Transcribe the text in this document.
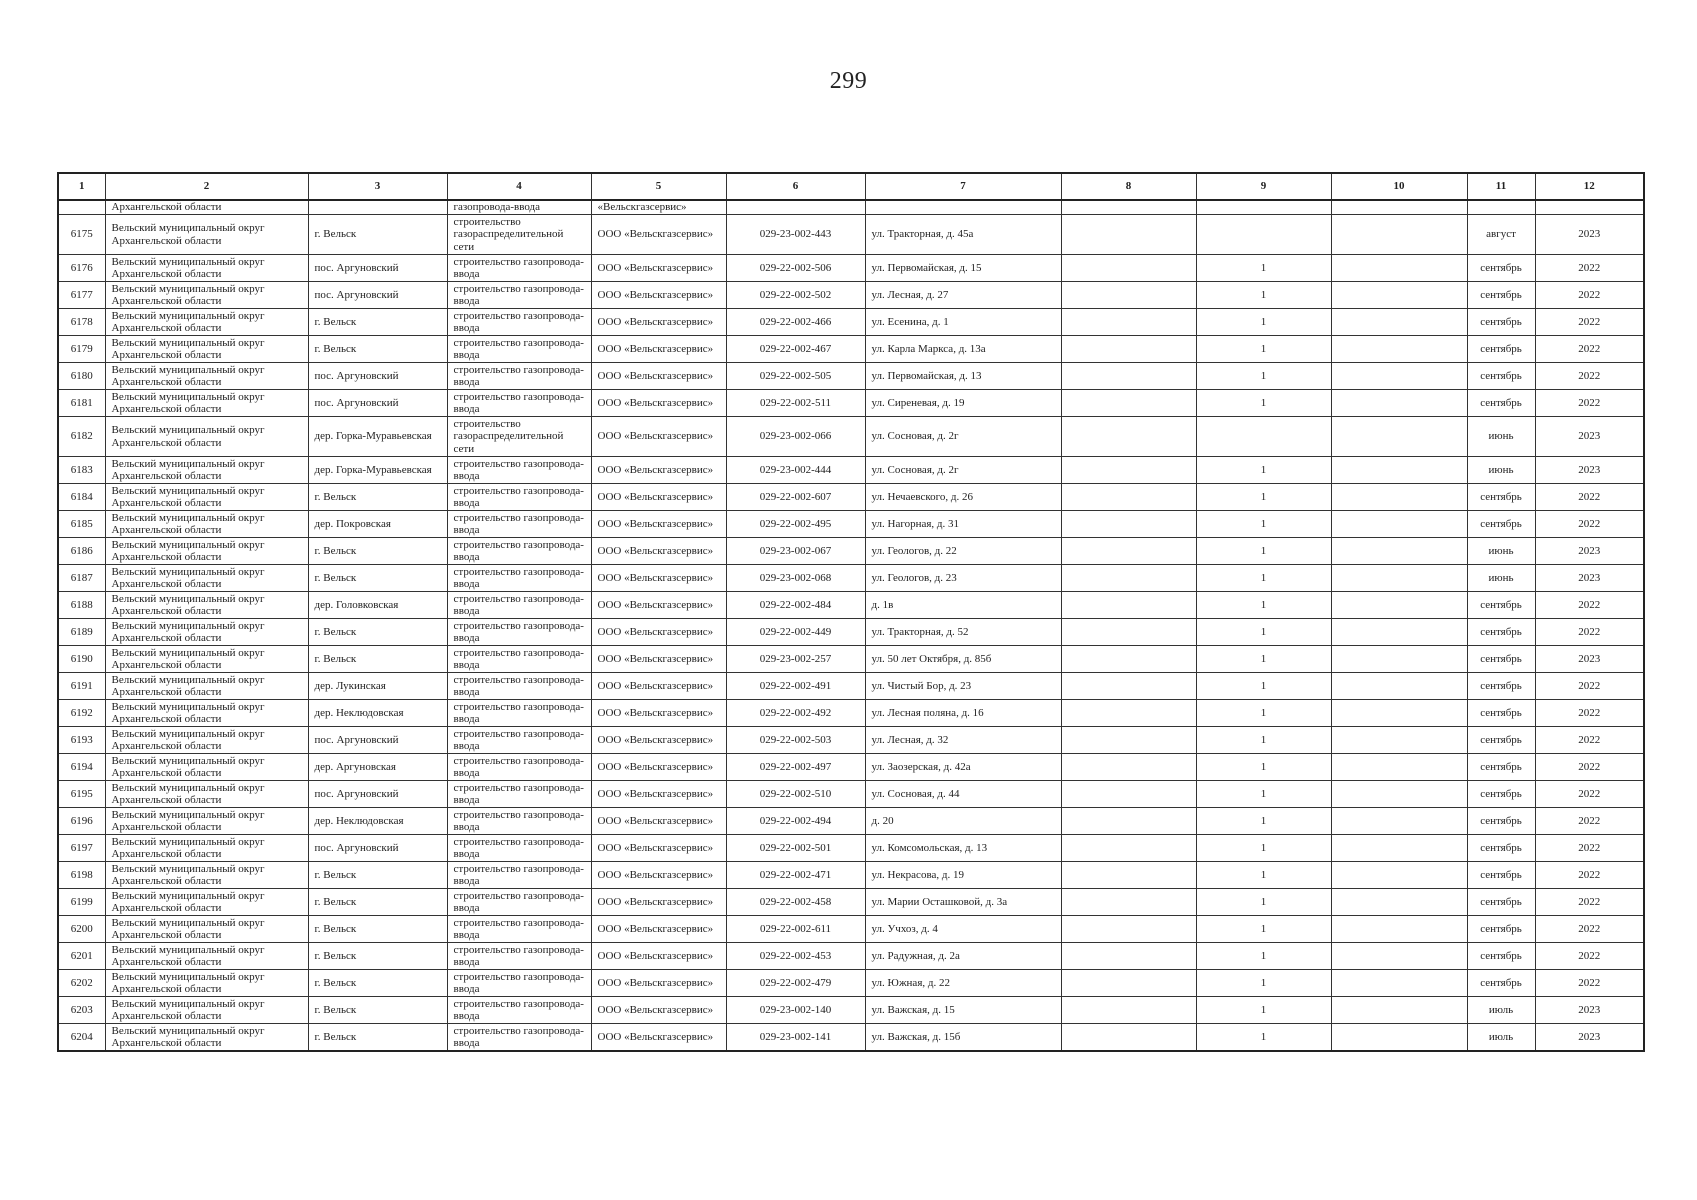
299
1	2	3	4	5	6	7	8	9	10	11	12
	Архангельской области		газопровода-ввода	«Вельскгазсервис»							
6175	Вельский муниципальный округ Архангельской области	г. Вельск	строительство газораспределительной сети	ООО «Вельскгазсервис»	029-23-002-443	ул. Тракторная, д. 45а				август	2023
6176	Вельский муниципальный округ Архангельской области	пос. Аргуновский	строительство газопровода-ввода	ООО «Вельскгазсервис»	029-22-002-506	ул. Первомайская, д. 15		1		сентябрь	2022
6177	Вельский муниципальный округ Архангельской области	пос. Аргуновский	строительство газопровода-ввода	ООО «Вельскгазсервис»	029-22-002-502	ул. Лесная, д. 27		1		сентябрь	2022
6178	Вельский муниципальный округ Архангельской области	г. Вельск	строительство газопровода-ввода	ООО «Вельскгазсервис»	029-22-002-466	ул. Есенина, д. 1		1		сентябрь	2022
6179	Вельский муниципальный округ Архангельской области	г. Вельск	строительство газопровода-ввода	ООО «Вельскгазсервис»	029-22-002-467	ул. Карла Маркса, д. 13а		1		сентябрь	2022
6180	Вельский муниципальный округ Архангельской области	пос. Аргуновский	строительство газопровода-ввода	ООО «Вельскгазсервис»	029-22-002-505	ул. Первомайская, д. 13		1		сентябрь	2022
6181	Вельский муниципальный округ Архангельской области	пос. Аргуновский	строительство газопровода-ввода	ООО «Вельскгазсервис»	029-22-002-511	ул. Сиреневая, д. 19		1		сентябрь	2022
6182	Вельский муниципальный округ Архангельской области	дер. Горка-Муравьевская	строительство газораспределительной сети	ООО «Вельскгазсервис»	029-23-002-066	ул. Сосновая, д. 2г				июнь	2023
6183	Вельский муниципальный округ Архангельской области	дер. Горка-Муравьевская	строительство газопровода-ввода	ООО «Вельскгазсервис»	029-23-002-444	ул. Сосновая, д. 2г		1		июнь	2023
6184	Вельский муниципальный округ Архангельской области	г. Вельск	строительство газопровода-ввода	ООО «Вельскгазсервис»	029-22-002-607	ул. Нечаевского, д. 26		1		сентябрь	2022
6185	Вельский муниципальный округ Архангельской области	дер. Покровская	строительство газопровода-ввода	ООО «Вельскгазсервис»	029-22-002-495	ул. Нагорная, д. 31		1		сентябрь	2022
6186	Вельский муниципальный округ Архангельской области	г. Вельск	строительство газопровода-ввода	ООО «Вельскгазсервис»	029-23-002-067	ул. Геологов, д. 22		1		июнь	2023
6187	Вельский муниципальный округ Архангельской области	г. Вельск	строительство газопровода-ввода	ООО «Вельскгазсервис»	029-23-002-068	ул. Геологов, д. 23		1		июнь	2023
6188	Вельский муниципальный округ Архангельской области	дер. Головковская	строительство газопровода-ввода	ООО «Вельскгазсервис»	029-22-002-484	д. 1в		1		сентябрь	2022
6189	Вельский муниципальный округ Архангельской области	г. Вельск	строительство газопровода-ввода	ООО «Вельскгазсервис»	029-22-002-449	ул. Тракторная, д. 52		1		сентябрь	2022
6190	Вельский муниципальный округ Архангельской области	г. Вельск	строительство газопровода-ввода	ООО «Вельскгазсервис»	029-23-002-257	ул. 50 лет Октября, д. 85б		1		сентябрь	2023
6191	Вельский муниципальный округ Архангельской области	дер. Лукинская	строительство газопровода-ввода	ООО «Вельскгазсервис»	029-22-002-491	ул. Чистый Бор, д. 23		1		сентябрь	2022
6192	Вельский муниципальный округ Архангельской области	дер. Неклюдовская	строительство газопровода-ввода	ООО «Вельскгазсервис»	029-22-002-492	ул. Лесная поляна, д. 16		1		сентябрь	2022
6193	Вельский муниципальный округ Архангельской области	пос. Аргуновский	строительство газопровода-ввода	ООО «Вельскгазсервис»	029-22-002-503	ул. Лесная, д. 32		1		сентябрь	2022
6194	Вельский муниципальный округ Архангельской области	дер. Аргуновская	строительство газопровода-ввода	ООО «Вельскгазсервис»	029-22-002-497	ул. Заозерская, д. 42а		1		сентябрь	2022
6195	Вельский муниципальный округ Архангельской области	пос. Аргуновский	строительство газопровода-ввода	ООО «Вельскгазсервис»	029-22-002-510	ул. Сосновая, д. 44		1		сентябрь	2022
6196	Вельский муниципальный округ Архангельской области	дер. Неклюдовская	строительство газопровода-ввода	ООО «Вельскгазсервис»	029-22-002-494	д. 20		1		сентябрь	2022
6197	Вельский муниципальный округ Архангельской области	пос. Аргуновский	строительство газопровода-ввода	ООО «Вельскгазсервис»	029-22-002-501	ул. Комсомольская, д. 13		1		сентябрь	2022
6198	Вельский муниципальный округ Архангельской области	г. Вельск	строительство газопровода-ввода	ООО «Вельскгазсервис»	029-22-002-471	ул. Некрасова, д. 19		1		сентябрь	2022
6199	Вельский муниципальный округ Архангельской области	г. Вельск	строительство газопровода-ввода	ООО «Вельскгазсервис»	029-22-002-458	ул. Марии Осташковой, д. 3а		1		сентябрь	2022
6200	Вельский муниципальный округ Архангельской области	г. Вельск	строительство газопровода-ввода	ООО «Вельскгазсервис»	029-22-002-611	ул. Учхоз, д. 4		1		сентябрь	2022
6201	Вельский муниципальный округ Архангельской области	г. Вельск	строительство газопровода-ввода	ООО «Вельскгазсервис»	029-22-002-453	ул. Радужная, д. 2а		1		сентябрь	2022
6202	Вельский муниципальный округ Архангельской области	г. Вельск	строительство газопровода-ввода	ООО «Вельскгазсервис»	029-22-002-479	ул. Южная, д. 22		1		сентябрь	2022
6203	Вельский муниципальный округ Архангельской области	г. Вельск	строительство газопровода-ввода	ООО «Вельскгазсервис»	029-23-002-140	ул. Важская, д. 15		1		июль	2023
6204	Вельский муниципальный округ Архангельской области	г. Вельск	строительство газопровода-ввода	ООО «Вельскгазсервис»	029-23-002-141	ул. Важская, д. 15б		1		июль	2023
